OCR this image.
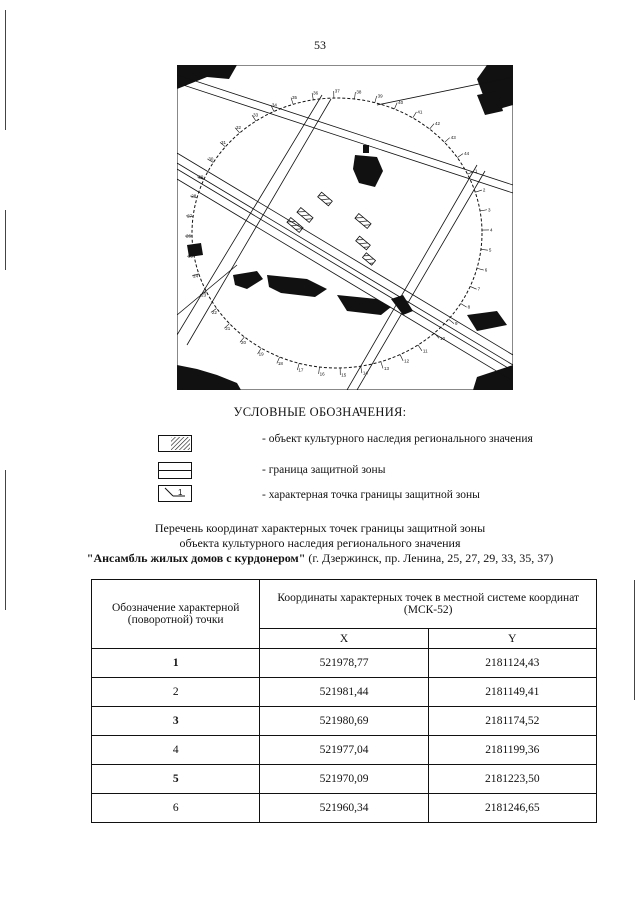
53
1
2
3
4
5
6
7
8
9
10
11
12
13
14
15
16
17
18
19
20
21
22
23
24
25
26
27
28
29
30
31
32
33
34
35
36	37	38
39
40
41
42
43
44
УСЛОВНЫЕ ОБОЗНАЧЕНИЯ:
- объект культурного наследия регионального значения
- граница защитной зоны
1	- характерная точка границы защитной зоны
Перечень координат характерных точек границы защитной зоны
объекта культурного наследия регионального значения
"Ансамбль жилых домов с курдонером" (г. Дзержинск, пр. Ленина, 25, 27, 29, 33, 35, 37)
Обозначение характерной (поворотной) точки	Координаты характерных точек в местной системе координат (МСК-52)	
	X	Y
1	521978,77	2181124,43
2	521981,44	2181149,41
3	521980,69	2181174,52
4	521977,04	2181199,36
5	521970,09	2181223,50
6	521960,34	2181246,65
